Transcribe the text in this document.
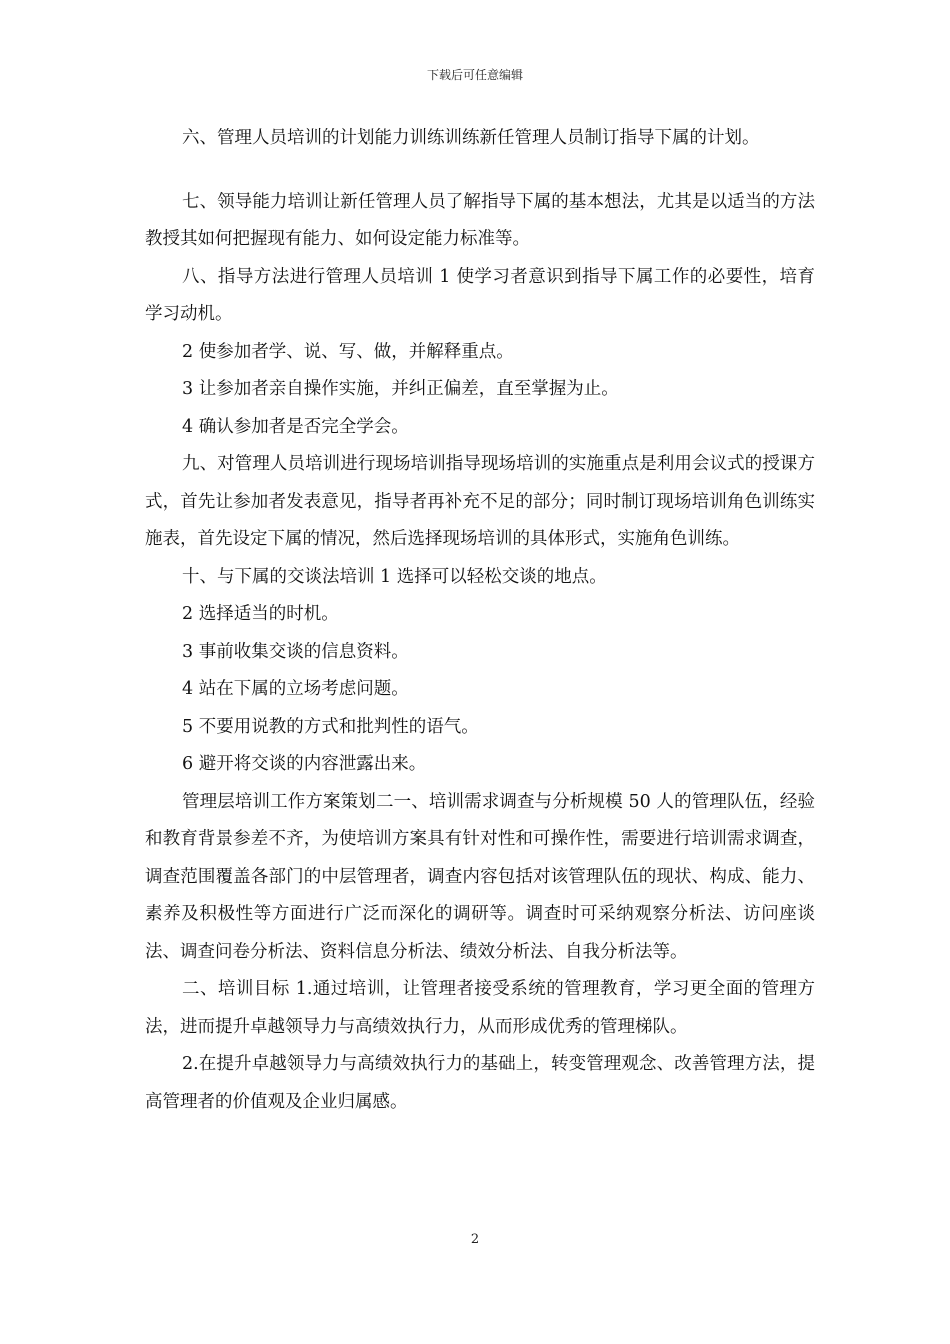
下载后可任意编辑

六、管理人员培训的计划能力训练训练新任管理人员制订指导下属的计划。

七、领导能力培训让新任管理人员了解指导下属的基本想法，尤其是以适当的方法教授其如何把握现有能力、如何设定能力标准等。

八、指导方法进行管理人员培训 1 使学习者意识到指导下属工作的必要性，培育学习动机。

2 使参加者学、说、写、做，并解释重点。

3 让参加者亲自操作实施，并纠正偏差，直至掌握为止。

4 确认参加者是否完全学会。

九、对管理人员培训进行现场培训指导现场培训的实施重点是利用会议式的授课方式，首先让参加者发表意见，指导者再补充不足的部分；同时制订现场培训角色训练实施表，首先设定下属的情况，然后选择现场培训的具体形式，实施角色训练。

十、与下属的交谈法培训 1 选择可以轻松交谈的地点。

2 选择适当的时机。

3 事前收集交谈的信息资料。

4 站在下属的立场考虑问题。

5 不要用说教的方式和批判性的语气。

6 避开将交谈的内容泄露出来。

管理层培训工作方案策划二一、培训需求调查与分析规模 50 人的管理队伍，经验和教育背景参差不齐，为使培训方案具有针对性和可操作性，需要进行培训需求调查，调查范围覆盖各部门的中层管理者，调查内容包括对该管理队伍的现状、构成、能力、素养及积极性等方面进行广泛而深化的调研等。调查时可采纳观察分析法、访问座谈法、调查问卷分析法、资料信息分析法、绩效分析法、自我分析法等。

二、培训目标 1.通过培训，让管理者接受系统的管理教育，学习更全面的管理方法，进而提升卓越领导力与高绩效执行力，从而形成优秀的管理梯队。

2.在提升卓越领导力与高绩效执行力的基础上，转变管理观念、改善管理方法，提高管理者的价值观及企业归属感。

2
